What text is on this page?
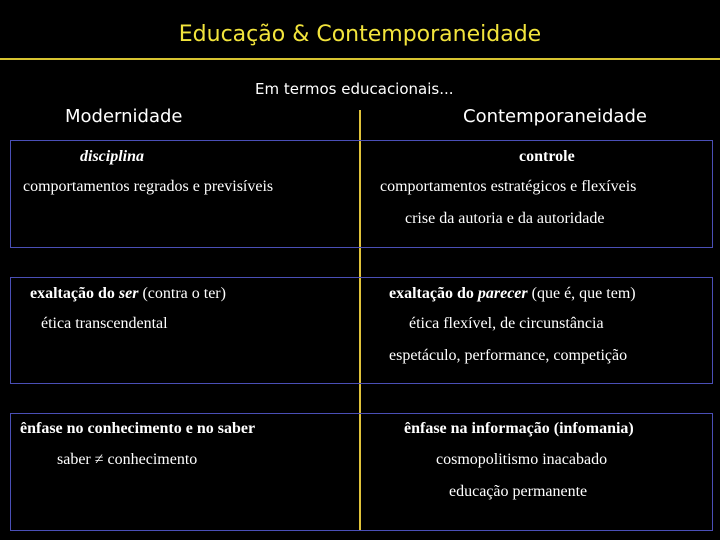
Educação & Contemporaneidade
Em termos educacionais...
Modernidade	Contemporaneidade
disciplina
comportamentos regrados e previsíveis
controle
comportamentos estratégicos e flexíveis
crise da autoria e da autoridade
exaltação do ser (contra o ter)
ética transcendental
exaltação do parecer (que é, que tem)
ética flexível, de circunstância
espetáculo, performance, competição
ênfase no conhecimento e no saber
saber ≠ conhecimento
ênfase na informação (infomania)
cosmopolitismo inacabado
educação permanente
